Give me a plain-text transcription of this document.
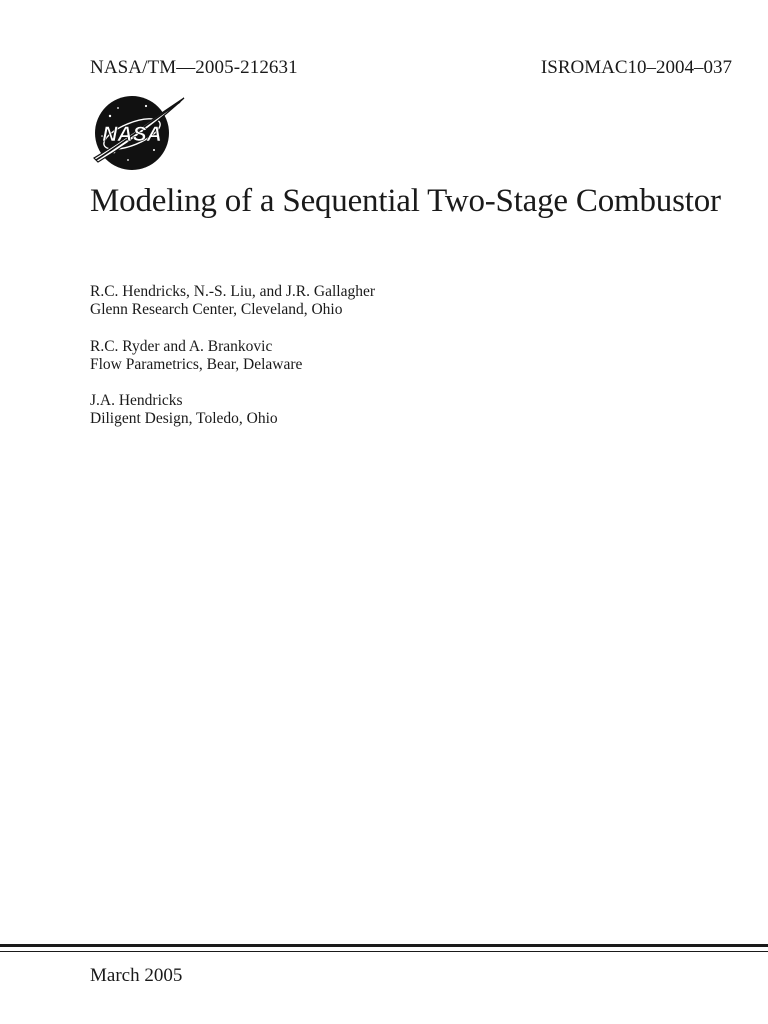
NASA/TM—2005-212631	ISROMAC10–2004–037
NASA
Modeling of a Sequential Two-Stage Combustor
R.C. Hendricks, N.-S. Liu, and J.R. Gallagher
Glenn Research Center, Cleveland, Ohio
R.C. Ryder and A. Brankovic
Flow Parametrics, Bear, Delaware
J.A. Hendricks
Diligent Design, Toledo, Ohio
March 2005
